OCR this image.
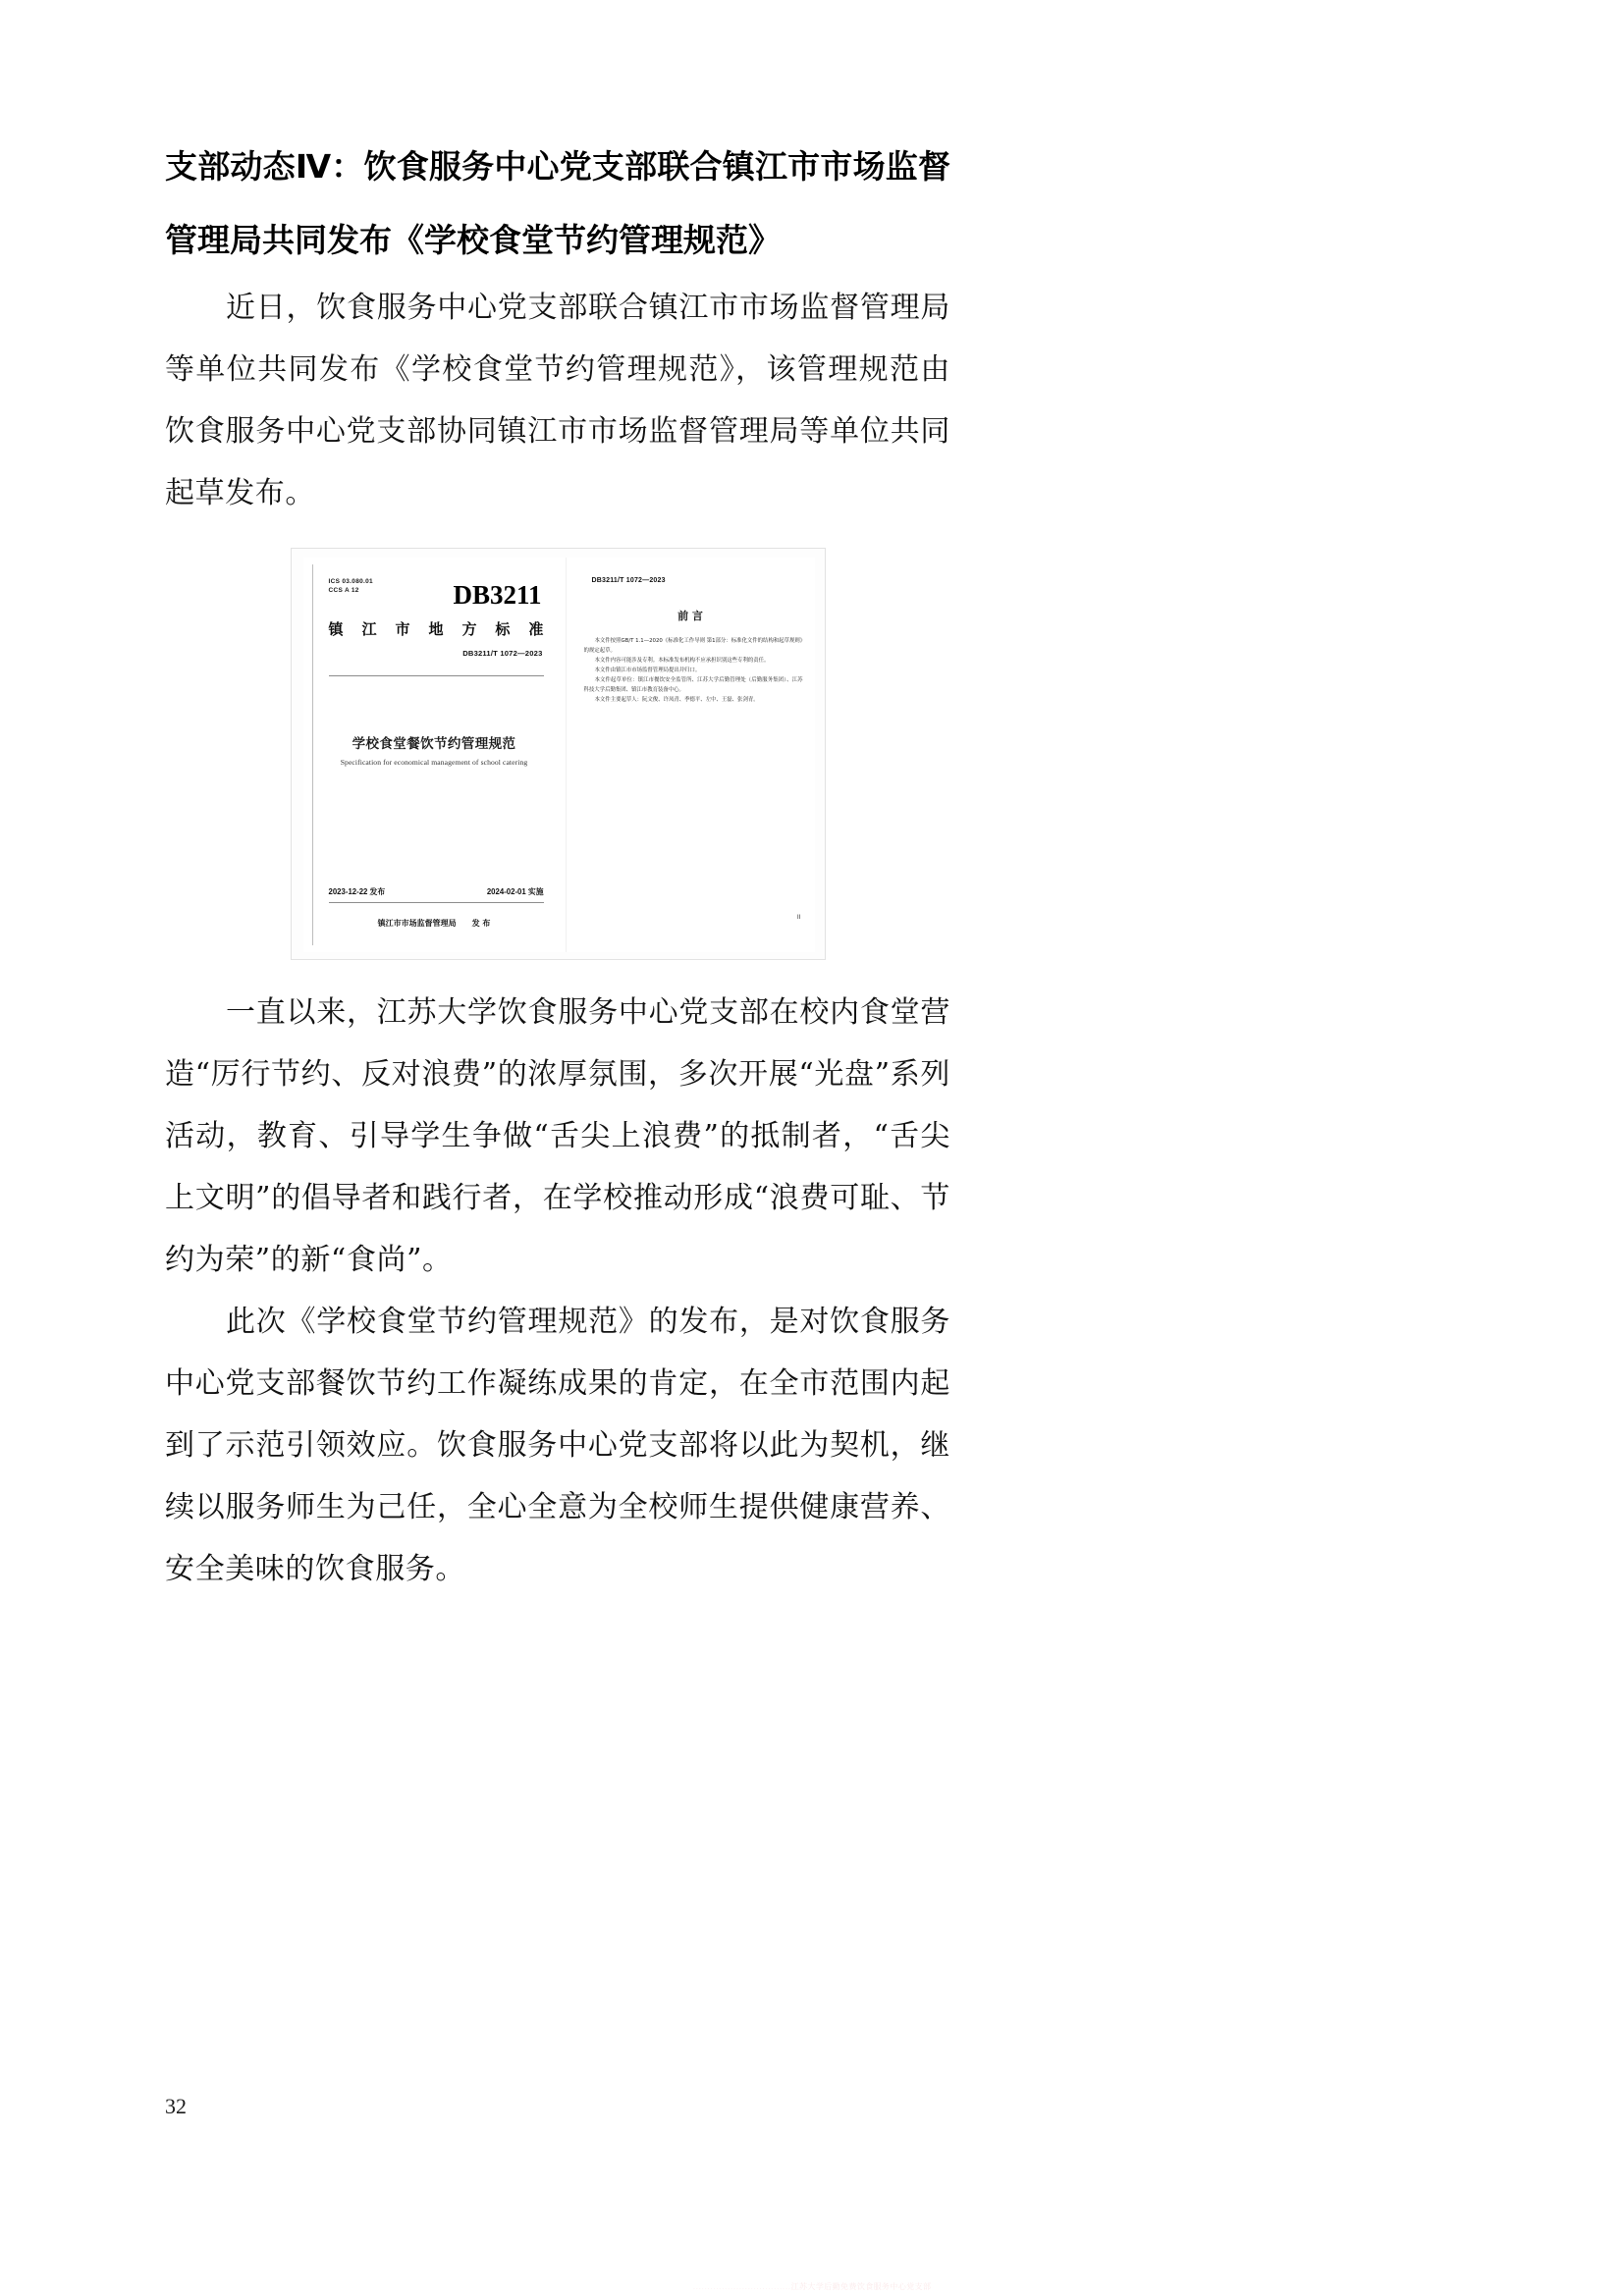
支部动态Ⅳ：饮食服务中心党支部联合镇江市市场监督管理局共同发布《学校食堂节约管理规范》

近日，饮食服务中心党支部联合镇江市市场监督管理局等单位共同发布《学校食堂节约管理规范》，该管理规范由饮食服务中心党支部协同镇江市市场监督管理局等单位共同起草发布。

ICS 03.080.01
CCS A 12	DB3211
镇 江 市 地 方 标 准
DB3211/T 1072—2023
学校食堂餐饮节约管理规范
Specification for economical management of school catering
2023-12-22 发布	2024-02-01 实施
镇江市市场监督管理局 发 布
DB3211/T 1072—2023
前 言

本文件按照GB/T 1.1—2020《标准化工作导则 第1部分：标准化文件的结构和起草规则》的规定起草。

本文件内容可能涉及专利。本标准发布机构不应承担识别这些专利的责任。

本文件由镇江市市场监督管理局提出并归口。

本文件起草单位：镇江市餐饮安全监管所、江苏大学后勤管理处（后勤服务集团）、江苏科技大学后勤集团、镇江市教育装备中心。

本文件主要起草人：阮文俊、许凤青、季德平、左中、王磊、张剑青。

II

一直以来，江苏大学饮食服务中心党支部在校内食堂营造“厉行节约、反对浪费”的浓厚氛围，多次开展“光盘”系列活动，教育、引导学生争做“舌尖上浪费”的抵制者，“舌尖上文明”的倡导者和践行者，在学校推动形成“浪费可耻、节约为荣”的新“食尚”。

此次《学校食堂节约管理规范》的发布，是对饮食服务中心党支部餐饮节约工作凝练成果的肯定，在全市范围内起到了示范引领效应。饮食服务中心党支部将以此为契机，继续以服务师生为己任，全心全意为全校师生提供健康营养、安全美味的饮食服务。

32
..................................江苏大学后勤免费饮食服务中心党支部
